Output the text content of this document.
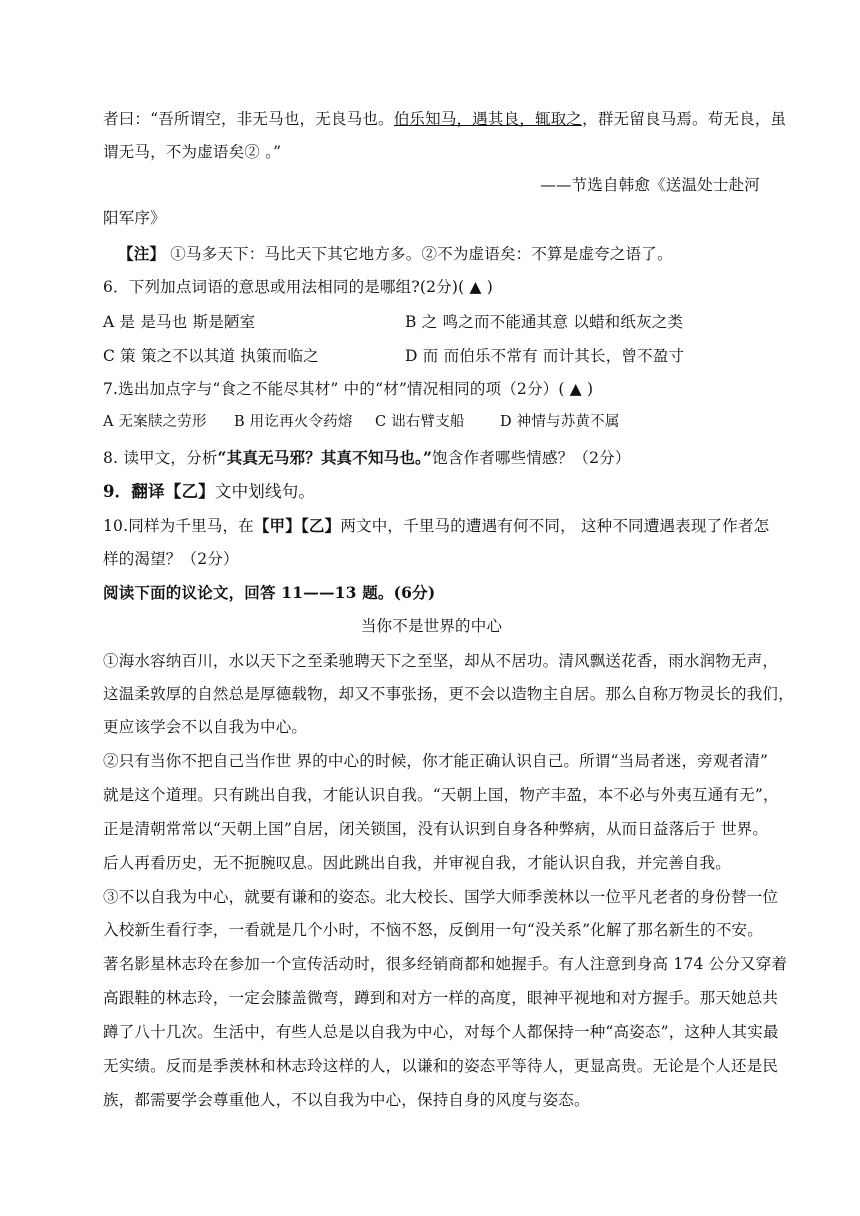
者曰：“吾所谓空，非无马也，无良马也。伯乐知马，遇其良，辄取之，群无留良马焉。苟无良，虽
谓无马，不为虚语矣② 。”
——节选自韩愈《送温处士赴河
阳军序》
【注】 ①马多天下：马比天下其它地方多。②不为虚语矣：不算是虚夸之语了。
6．下列加点词语的意思或用法相同的是哪组?(2分)( ▲ )
A 是 是马也 斯是陋室	B 之 鸣之而不能通其意 以蜡和纸灰之类
C 策 策之不以其道 执策而临之	D 而 而伯乐不常有 而计其长，曾不盈寸
7.选出加点字与“食之不能尽其材” 中的“材”情况相同的项（2分）( ▲ )
A 无案牍之劳形 B 用讫再火令药熔 C 诎右臂支船 D 神情与苏黄不属
8. 读甲文，分析“其真无马邪？其真不知马也。”饱含作者哪些情感？（2分）
9．翻译【乙】文中划线句。
10.同样为千里马，在【甲】【乙】两文中，千里马的遭遇有何不同， 这种不同遭遇表现了作者怎
样的渴望？（2分）
阅读下面的议论文，回答 11——13 题。(6分)
当你不是世界的中心
①海水容纳百川，水以天下之至柔驰聘天下之至坚，却从不居功。清风飘送花香，雨水润物无声，
这温柔敦厚的自然总是厚德载物，却又不事张扬，更不会以造物主自居。那么自称万物灵长的我们，
更应该学会不以自我为中心。
②只有当你不把自己当作世 界的中心的时候，你才能正确认识自己。所谓“当局者迷，旁观者清”
就是这个道理。只有跳出自我，才能认识自我。“天朝上国，物产丰盈，本不必与外夷互通有无”，
正是清朝常常以“天朝上国”自居，闭关锁国，没有认识到自身各种弊病，从而日益落后于 世界。
后人再看历史，无不扼腕叹息。因此跳出自我，并审视自我，才能认识自我，并完善自我。
③不以自我为中心，就要有谦和的姿态。北大校长、国学大师季羡林以一位平凡老者的身份替一位
入校新生看行李，一看就是几个小时，不恼不怒，反倒用一句“没关系”化解了那名新生的不安。
著名影星林志玲在参加一个宣传活动时，很多经销商都和她握手。有人注意到身高 174 公分又穿着
高跟鞋的林志玲，一定会膝盖微弯，蹲到和对方一样的高度，眼神平视地和对方握手。那天她总共
蹲了八十几次。生活中，有些人总是以自我为中心，对每个人都保持一种“高姿态”，这种人其实最
无实绩。反而是季羡林和林志玲这样的人，以谦和的姿态平等待人，更显高贵。无论是个人还是民
族，都需要学会尊重他人，不以自我为中心，保持自身的风度与姿态。
